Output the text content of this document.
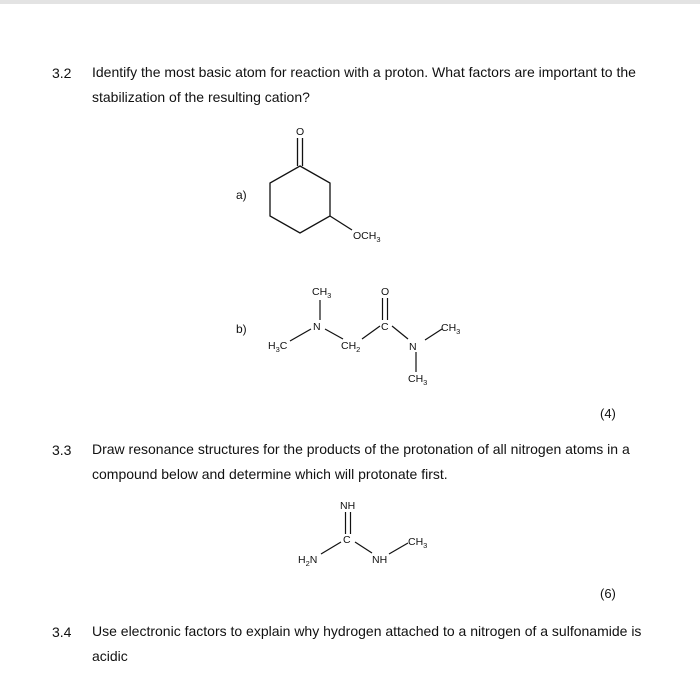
3.2 Identify the most basic atom for reaction with a proton. What factors are important to the
stabilization of the resulting cation?
a)
b)
(4)
3.3 Draw resonance structures for the products of the protonation of all nitrogen atoms in a
compound below and determine which will protonate first.
(6)
3.4 Use electronic factors to explain why hydrogen attached to a nitrogen of a sulfonamide is
acidic
O
$OCH_3$
$CH_3$
N
O
$H_3C$	$CH_2$
C
N
$CH_3$
$CH_3$
NH
C	$CH_3$
$H_2N$	NH
